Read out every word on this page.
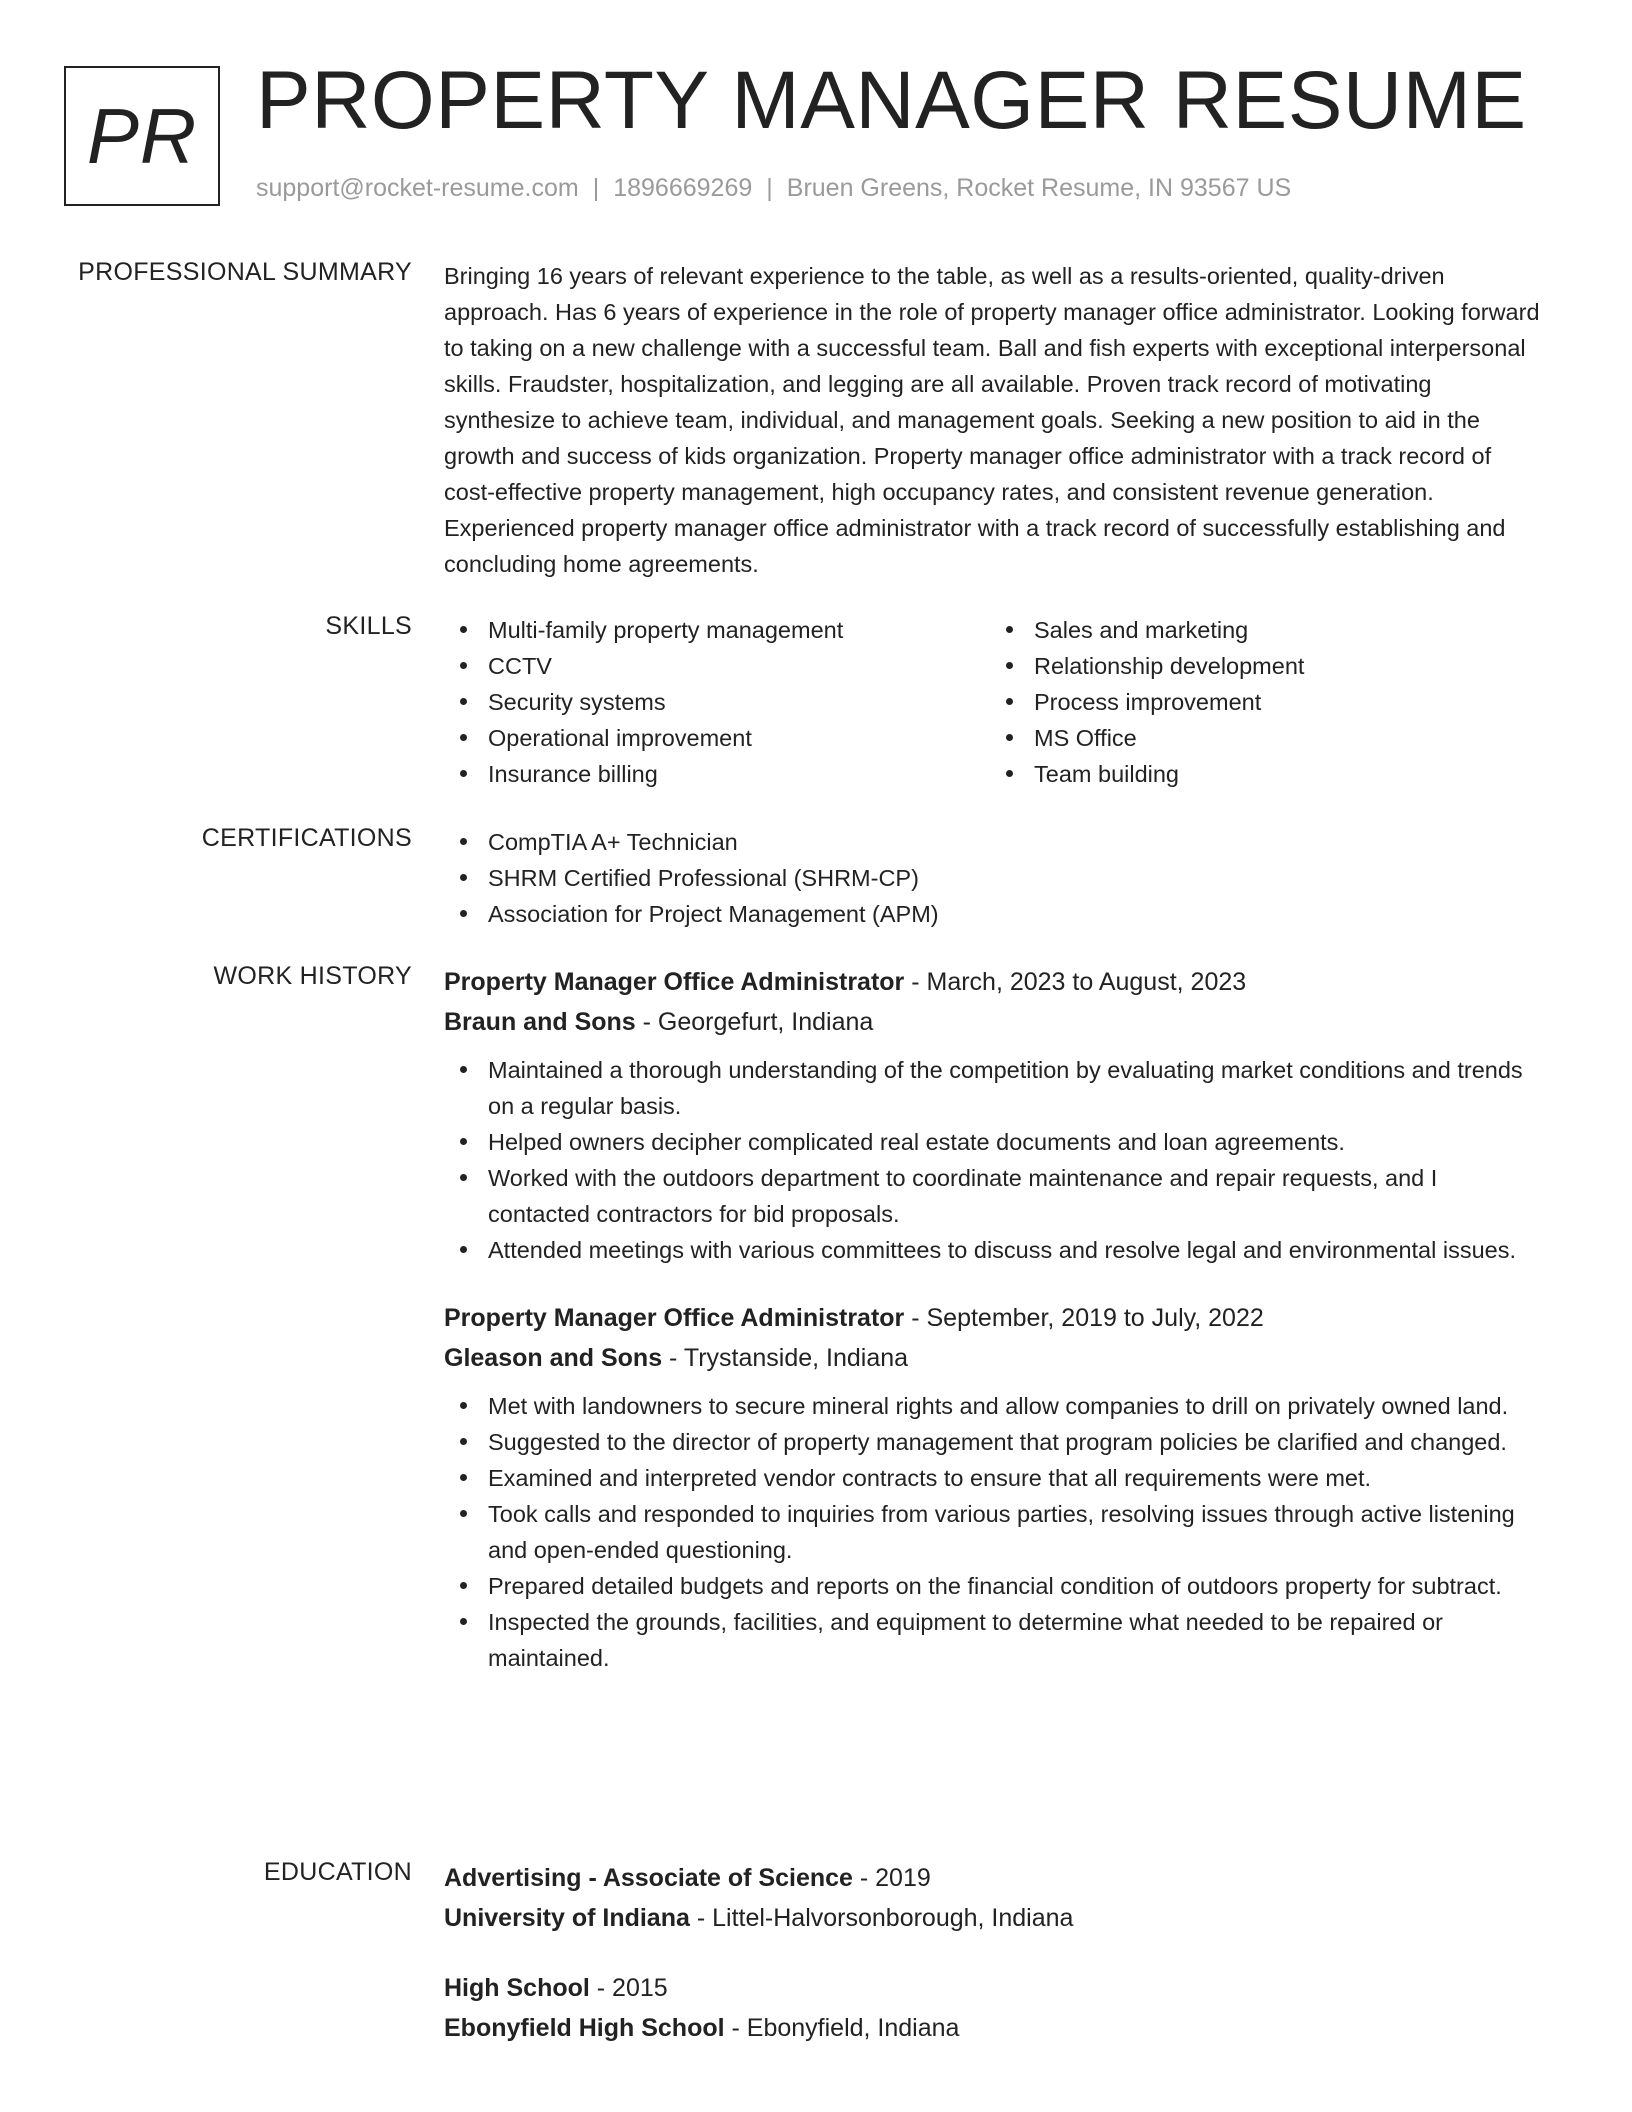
PR PROPERTY MANAGER RESUME
support@rocket-resume.com | 1896669269 | Bruen Greens, Rocket Resume, IN 93567 US
PROFESSIONAL SUMMARY Bringing 16 years of relevant experience to the table, as well as a results-oriented, quality-driven approach. Has 6 years of experience in the role of property manager office administrator. Looking forward to taking on a new challenge with a successful team. Ball and fish experts with exceptional interpersonal skills. Fraudster, hospitalization, and legging are all available. Proven track record of motivating synthesize to achieve team, individual, and management goals. Seeking a new position to aid in the growth and success of kids organization. Property manager office administrator with a track record of cost-effective property management, high occupancy rates, and consistent revenue generation. Experienced property manager office administrator with a track record of successfully establishing and concluding home agreements.

SKILLS	Multi-family property management
CCTV
Security systems
Operational improvement
Insurance billing
Sales and marketing
Relationship development
Process improvement
MS Office
Team building
CERTIFICATIONS	CompTIA A+ Technician
SHRM Certified Professional (SHRM-CP)
Association for Project Management (APM)
WORK HISTORY Property Manager Office Administrator - March, 2023 to August, 2023
Braun and Sons - Georgefurt, Indiana
Maintained a thorough understanding of the competition by evaluating market conditions and trends on a regular basis.
Helped owners decipher complicated real estate documents and loan agreements.
Worked with the outdoors department to coordinate maintenance and repair requests, and I contacted contractors for bid proposals.
Attended meetings with various committees to discuss and resolve legal and environmental issues.
Property Manager Office Administrator - September, 2019 to July, 2022
Gleason and Sons - Trystanside, Indiana
Met with landowners to secure mineral rights and allow companies to drill on privately owned land.
Suggested to the director of property management that program policies be clarified and changed.
Examined and interpreted vendor contracts to ensure that all requirements were met.
Took calls and responded to inquiries from various parties, resolving issues through active listening and open-ended questioning.
Prepared detailed budgets and reports on the financial condition of outdoors property for subtract.
Inspected the grounds, facilities, and equipment to determine what needed to be repaired or maintained.
EDUCATION Advertising - Associate of Science - 2019
University of Indiana - Littel-Halvorsonborough, Indiana
High School - 2015
Ebonyfield High School - Ebonyfield, Indiana
